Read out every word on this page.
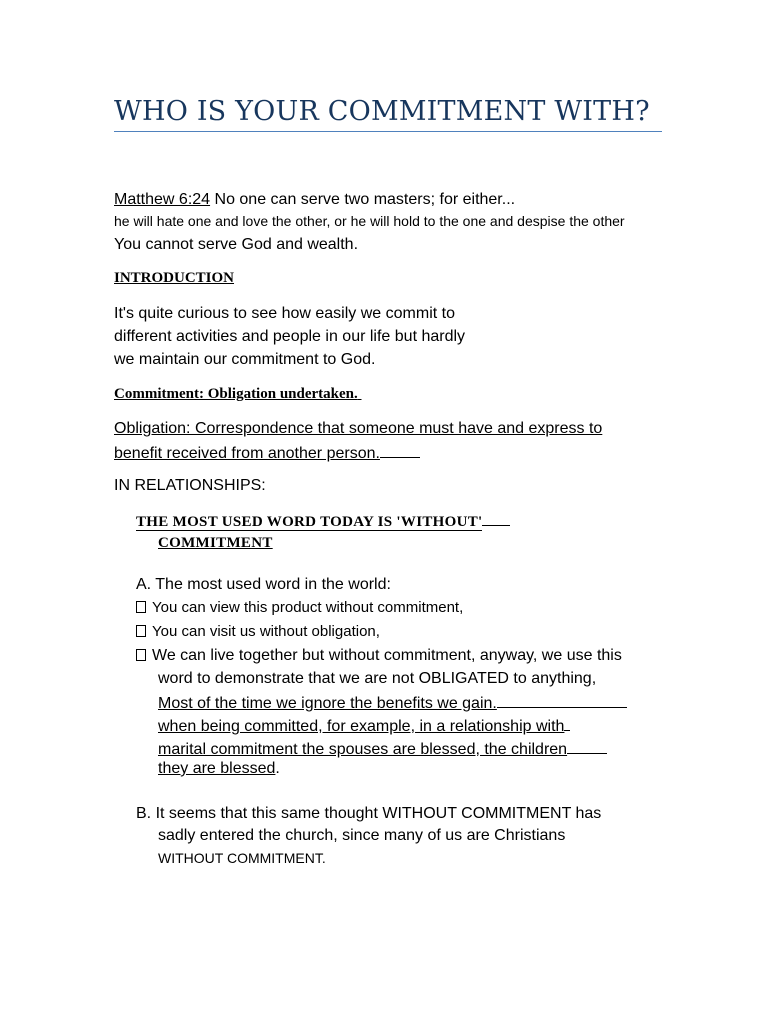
WHO IS YOUR COMMITMENT WITH?
Matthew 6:24 No one can serve two masters; for either...
he will hate one and love the other, or he will hold to the one and despise the other
You cannot serve God and wealth.
INTRODUCTION
It's quite curious to see how easily we commit to
different activities and people in our life but hardly
we maintain our commitment to God.
Commitment: Obligation undertaken.
Obligation: Correspondence that someone must have and express to
benefit received from another person.
IN RELATIONSHIPS:
THE MOST USED WORD TODAY IS 'WITHOUT'
COMMITMENT
A. The most used word in the world:
You can view this product without commitment,
You can visit us without obligation,
We can live together but without commitment, anyway, we use this
word to demonstrate that we are not OBLIGATED to anything,
Most of the time we ignore the benefits we gain.
when being committed, for example, in a relationship with
marital commitment the spouses are blessed, the children
they are blessed.
B. It seems that this same thought WITHOUT COMMITMENT has
sadly entered the church, since many of us are Christians
WITHOUT COMMITMENT.
